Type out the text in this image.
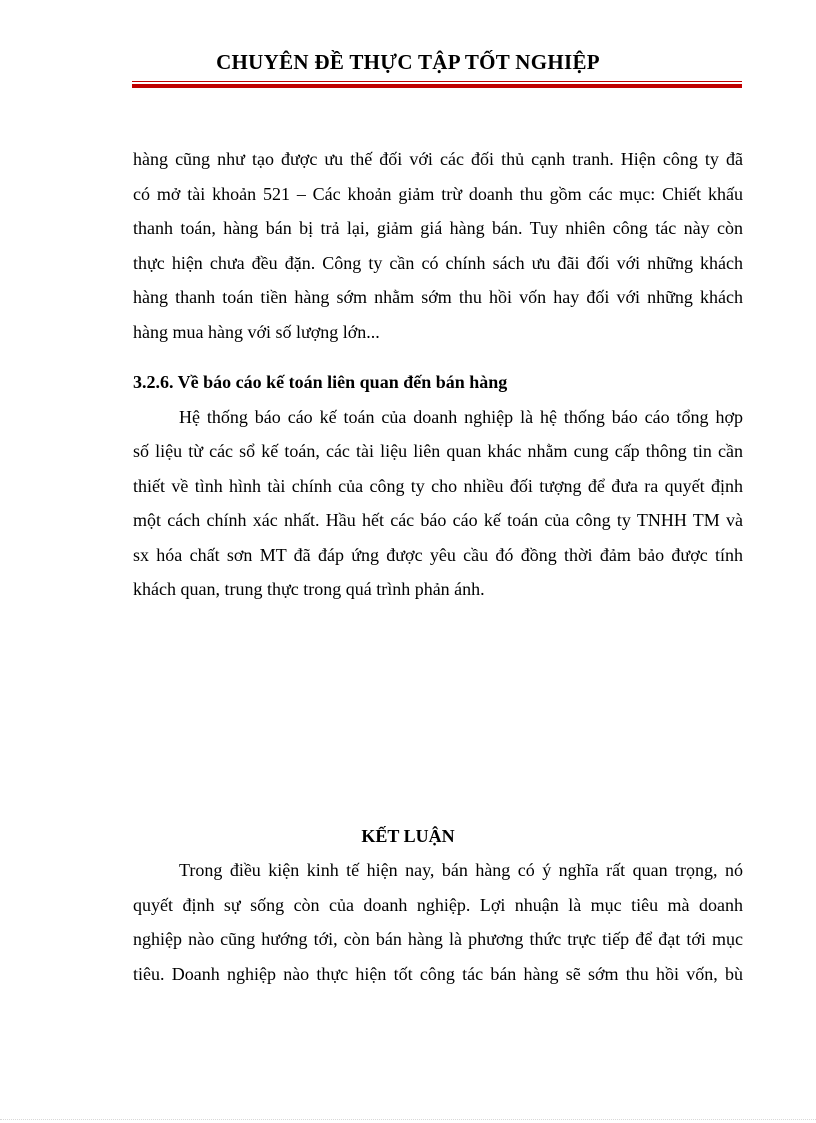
CHUYÊN ĐỀ THỰC TẬP TỐT NGHIỆP
hàng cũng như tạo được ưu thế đối với các đối thủ cạnh tranh. Hiện công ty đã
có mở tài khoản 521 – Các khoản giảm trừ doanh thu gồm các mục: Chiết khấu
thanh toán, hàng bán bị trả lại, giảm giá hàng bán. Tuy nhiên công tác này còn
thực hiện chưa đều đặn. Công ty cần có chính sách ưu đãi đối với những khách
hàng thanh toán tiền hàng sớm nhằm sớm thu hồi vốn hay đối với những khách
hàng mua hàng với số lượng lớn...
3.2.6. Về báo cáo kế toán liên quan đến bán hàng
Hệ thống báo cáo kế toán của doanh nghiệp là hệ thống báo cáo tổng hợp
số liệu từ các sổ kế toán, các tài liệu liên quan khác nhằm cung cấp thông tin cần
thiết về tình hình tài chính của công ty cho nhiều đối tượng để đưa ra quyết định
một cách chính xác nhất. Hầu hết các báo cáo kế toán của công ty TNHH TM và
sx hóa chất sơn MT đã đáp ứng được yêu cầu đó đồng thời đảm bảo được tính
khách quan, trung thực trong quá trình phản ánh.
KẾT LUẬN
Trong điều kiện kinh tế hiện nay, bán hàng có ý nghĩa rất quan trọng, nó
quyết định sự sống còn của doanh nghiệp. Lợi nhuận là mục tiêu mà doanh
nghiệp nào cũng hướng tới, còn bán hàng là phương thức trực tiếp để đạt tới mục
tiêu. Doanh nghiệp nào thực hiện tốt công tác bán hàng sẽ sớm thu hồi vốn, bù
